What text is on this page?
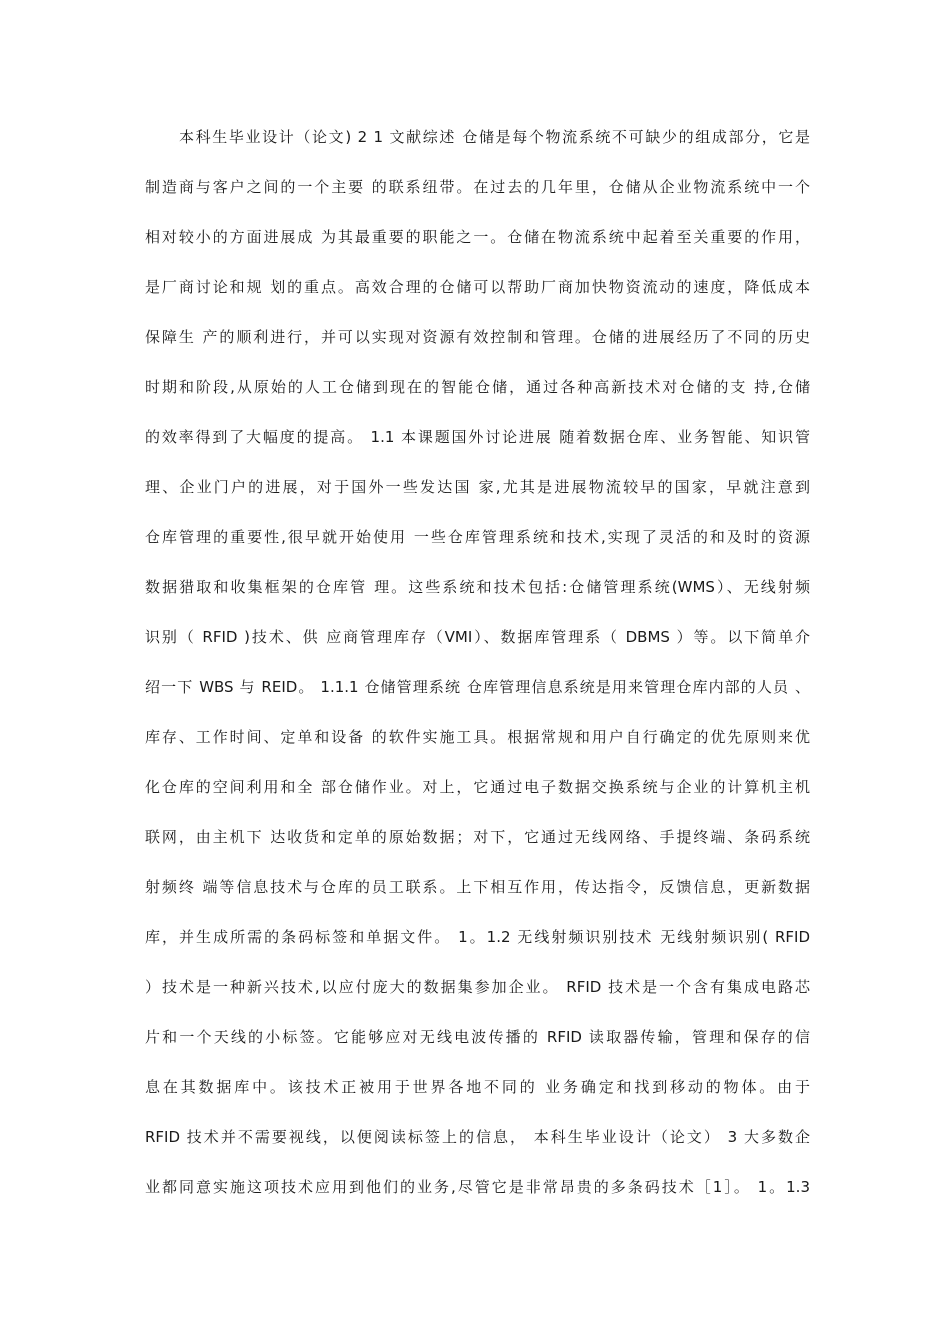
本科生毕业设计（论文) 2 1 文献综述 仓储是每个物流系统不可缺少的组成部分，它是
制造商与客户之间的一个主要 的联系纽带。在过去的几年里，仓储从企业物流系统中一个
相对较小的方面进展成 为其最重要的职能之一。仓储在物流系统中起着至关重要的作用，
是厂商讨论和规 划的重点。高效合理的仓储可以帮助厂商加快物资流动的速度，降低成本
保障生 产的顺利进行，并可以实现对资源有效控制和管理。仓储的进展经历了不同的历史
时期和阶段,从原始的人工仓储到现在的智能仓储，通过各种高新技术对仓储的支 持,仓储
的效率得到了大幅度的提高。 1.1 本课题国外讨论进展 随着数据仓库、业务智能、知识管
理、企业门户的进展，对于国外一些发达国 家,尤其是进展物流较早的国家，早就注意到
仓库管理的重要性,很早就开始使用 一些仓库管理系统和技术,实现了灵活的和及时的资源
数据猎取和收集框架的仓库管 理。这些系统和技术包括:仓储管理系统(WMS）、无线射频
识别（ RFID )技术、供 应商管理库存（VMI）、数据库管理系（ DBMS ）等。以下简单介
绍一下 WBS 与 REID。 1.1.1 仓储管理系统 仓库管理信息系统是用来管理仓库内部的人员 、
库存、工作时间、定单和设备 的软件实施工具。根据常规和用户自行确定的优先原则来优
化仓库的空间利用和全 部仓储作业。对上，它通过电子数据交换系统与企业的计算机主机
联网，由主机下 达收货和定单的原始数据；对下，它通过无线网络、手提终端、条码系统
射频终 端等信息技术与仓库的员工联系。上下相互作用，传达指令，反馈信息，更新数据
库，并生成所需的条码标签和单据文件。 1。1.2 无线射频识别技术 无线射频识别( RFID
）技术是一种新兴技术,以应付庞大的数据集参加企业。 RFID 技术是一个含有集成电路芯
片和一个天线的小标签。它能够应对无线电波传播的 RFID 读取器传输，管理和保存的信
息在其数据库中。该技术正被用于世界各地不同的 业务确定和找到移动的物体。由于
RFID 技术并不需要视线，以便阅读标签上的信息， 本科生毕业设计（论文） 3 大多数企
业都同意实施这项技术应用到他们的业务,尽管它是非常昂贵的多条码技术［1］。 1。1.3
